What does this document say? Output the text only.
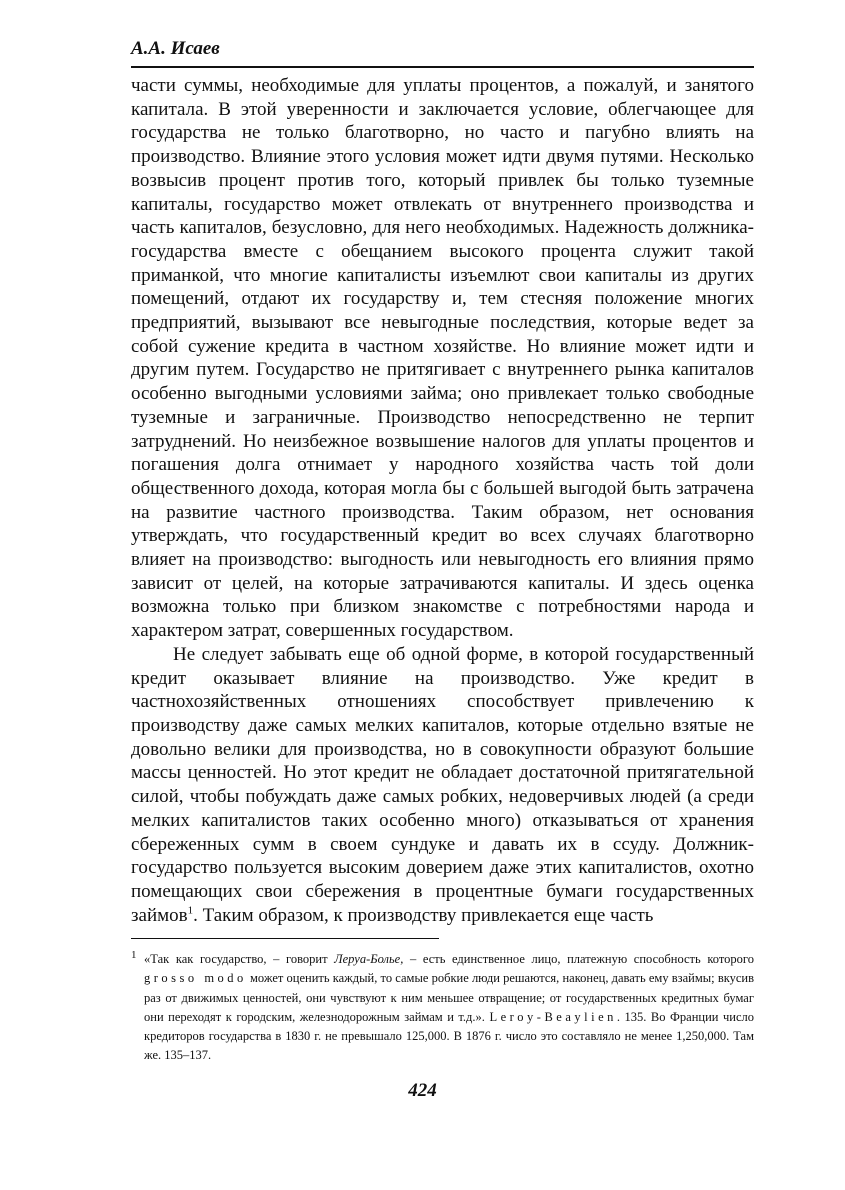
А.А. Исаев

части суммы, необходимые для уплаты процентов, а пожалуй, и занятого капитала. В этой уверенности и заключается условие, облегчающее для государства не только благотворно, но часто и пагубно влиять на производство. Влияние этого условия может идти двумя путями. Несколько возвысив процент против того, который привлек бы только туземные капиталы, государство может отвлекать от внутреннего производства и часть капиталов, безусловно, для него необходимых. Надежность должника-государства вместе с обещанием высокого процента служит такой приманкой, что многие капиталисты изъемлют свои капиталы из других помещений, отдают их государству и, тем стесняя положение многих предприятий, вызывают все невыгодные последствия, которые ведет за собой сужение кредита в частном хозяйстве. Но влияние может идти и другим путем. Государство не притягивает с внутреннего рынка капиталов особенно выгодными условиями займа; оно привлекает только свободные туземные и заграничные. Производство непосредственно не терпит затруднений. Но неизбежное возвышение налогов для уплаты процентов и погашения долга отнимает у народного хозяйства часть той доли общественного дохода, которая могла бы с большей выгодой быть затрачена на развитие частного производства. Таким образом, нет основания утверждать, что государственный кредит во всех случаях благотворно влияет на производство: выгодность или невыгодность его влияния прямо зависит от целей, на которые затрачиваются капиталы. И здесь оценка возможна только при близком знакомстве с потребностями народа и характером затрат, совершенных государством.

Не следует забывать еще об одной форме, в которой государственный кредит оказывает влияние на производство. Уже кредит в частнохозяйственных отношениях способствует привлечению к производству даже самых мелких капиталов, которые отдельно взятые не довольно велики для производства, но в совокупности образуют большие массы ценностей. Но этот кредит не обладает достаточной притягательной силой, чтобы побуждать даже самых робких, недоверчивых людей (а среди мелких капиталистов таких особенно много) отказываться от хранения сбереженных сумм в своем сундуке и давать их в ссуду. Должник-государство пользуется высоким доверием даже этих капиталистов, охотно помещающих свои сбережения в процентные бумаги государственных займов$^1$. Таким образом, к производству привлекается еще часть

$^1$ «Так как государство, – говорит Леруа-Болье, – есть единственное лицо, платежную способность которого grosso modo может оценить каждый, то самые робкие люди решаются, наконец, давать ему взаймы; вкусив раз от движимых ценностей, они чувствуют к ним меньшее отвращение; от государственных кредитных бумаг они переходят к городским, железнодорожным займам и т.д.». Leroy-Beaylien. 135. Во Франции число кредиторов государства в 1830 г. не превышало 125,000. В 1876 г. число это составляло не менее 1,250,000. Там же. 135–137.

424
